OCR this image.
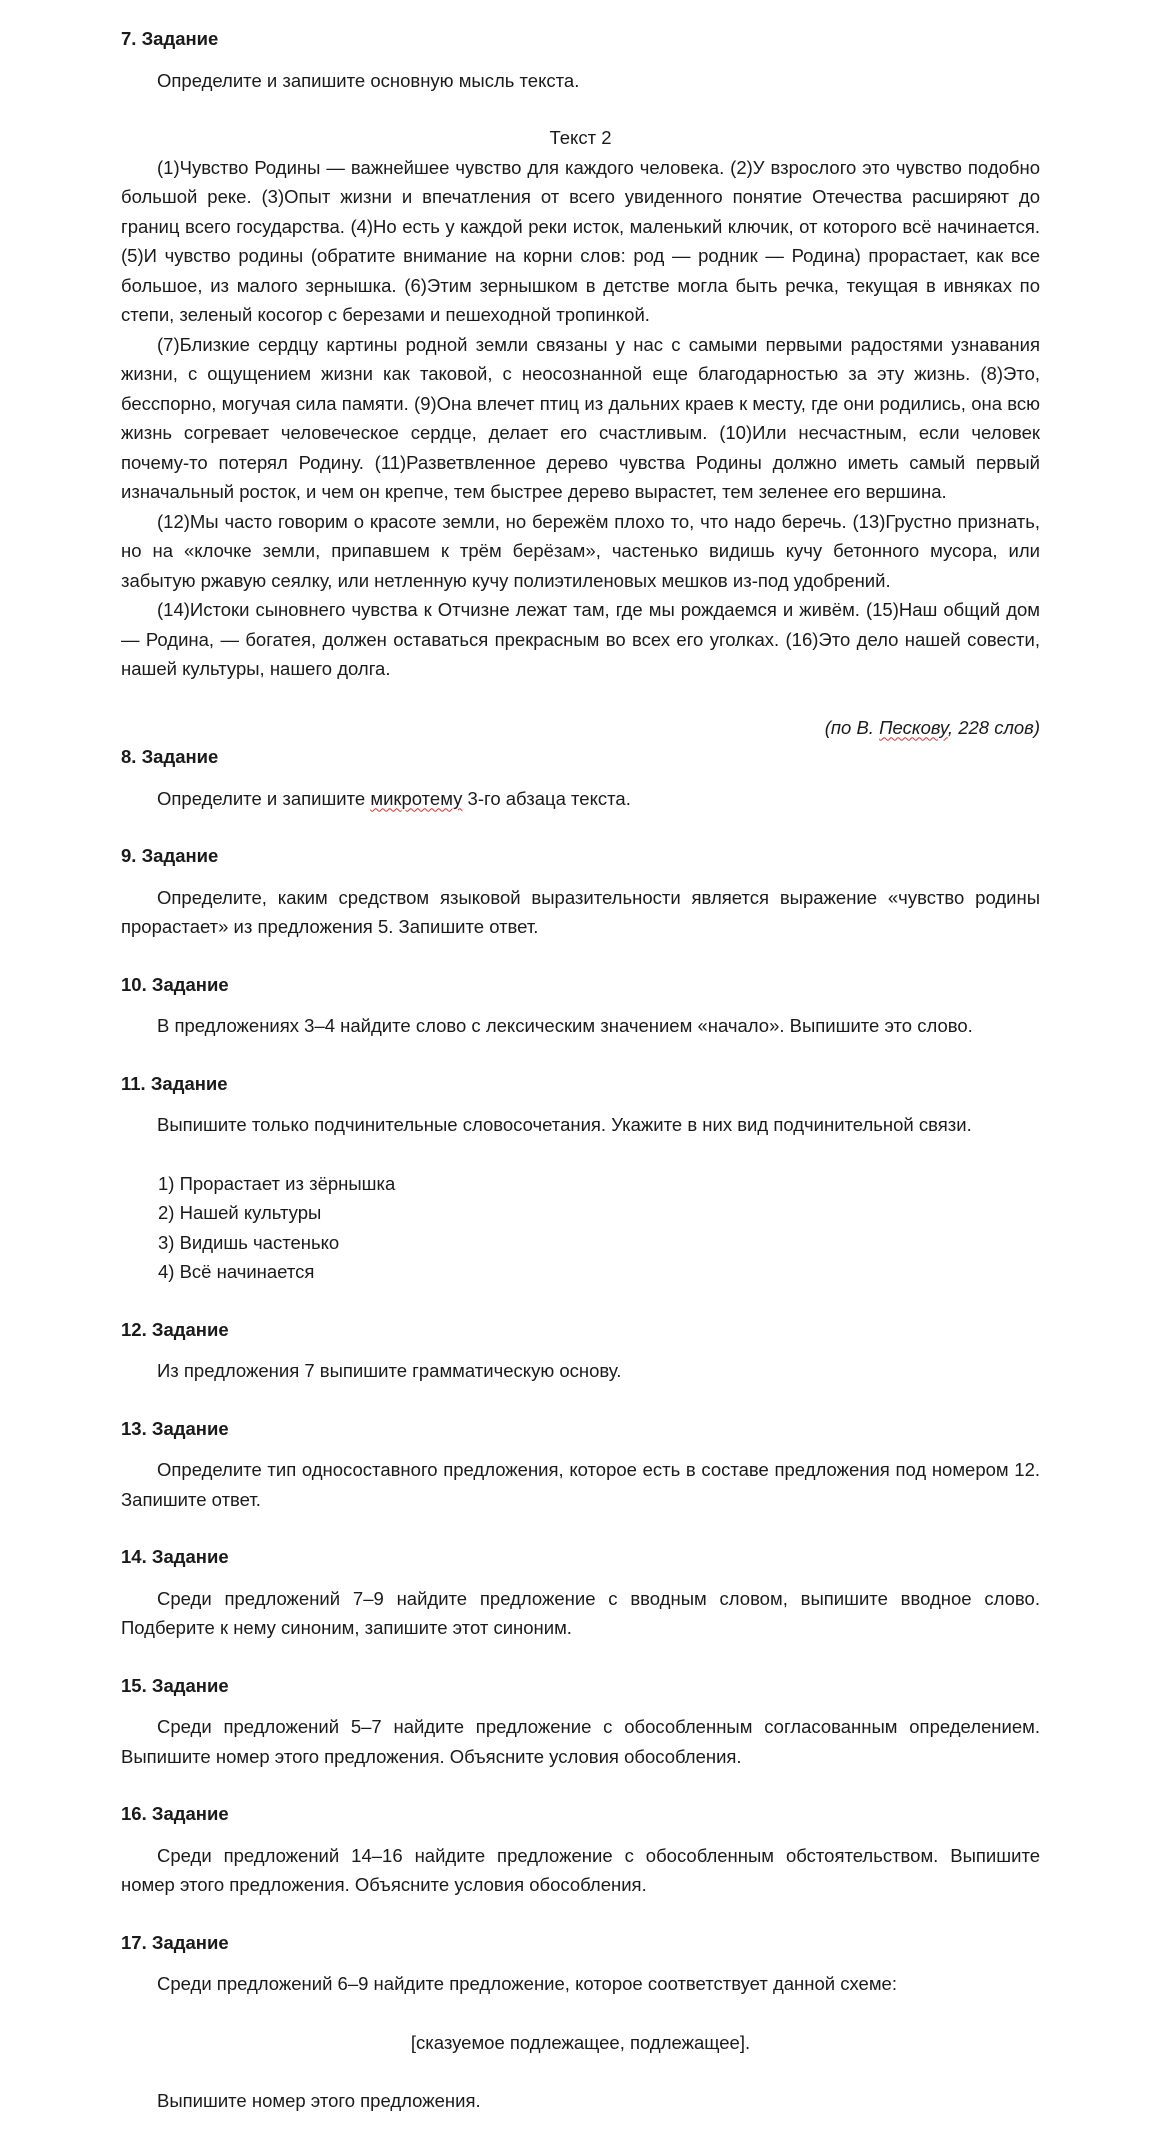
7. Задание

Определите и запишите основную мысль текста.

Текст 2

(1)Чувство Родины — важнейшее чувство для каждого человека. (2)У взрослого это чувство подобно большой реке. (3)Опыт жизни и впечатления от всего увиденного понятие Отечества расширяют до границ всего государства. (4)Но есть у каждой реки исток, маленький ключик, от которого всё начинается. (5)И чувство родины (обратите внимание на корни слов: род — родник — Родина) прорастает, как все большое, из малого зернышка. (6)Этим зернышком в детстве могла быть речка, текущая в ивняках по степи, зеленый косогор с березами и пешеходной тропинкой.

(7)Близкие сердцу картины родной земли связаны у нас с самыми первыми радостями узнавания жизни, с ощущением жизни как таковой, с неосознанной еще благодарностью за эту жизнь. (8)Это, бесспорно, могучая сила памяти. (9)Она влечет птиц из дальних краев к месту, где они родились, она всю жизнь согревает человеческое сердце, делает его счастливым. (10)Или несчастным, если человек почему-то потерял Родину. (11)Разветвленное дерево чувства Родины должно иметь самый первый изначальный росток, и чем он крепче, тем быстрее дерево вырастет, тем зеленее его вершина.

(12)Мы часто говорим о красоте земли, но бережём плохо то, что надо беречь. (13)Грустно признать, но на «клочке земли, припавшем к трём берёзам», частенько видишь кучу бетонного мусора, или забытую ржавую сеялку, или нетленную кучу полиэтиленовых мешков из-под удобрений.

(14)Истоки сыновнего чувства к Отчизне лежат там, где мы рождаемся и живём. (15)Наш общий дом — Родина, — богатея, должен оставаться прекрасным во всех его уголках. (16)Это дело нашей совести, нашей культуры, нашего долга.

(по В. Пескову, 228 слов)

8. Задание

Определите и запишите микротему 3-го абзаца текста.

9. Задание

Определите, каким средством языковой выразительности является выражение «чувство родины прорастает» из предложения 5. Запишите ответ.

10. Задание

В предложениях 3–4 найдите слово с лексическим значением «начало». Выпишите это слово.

11. Задание

Выпишите только подчинительные словосочетания. Укажите в них вид подчинительной связи.

1) Прорастает из зёрнышка

2) Нашей культуры

3) Видишь частенько

4) Всё начинается

12. Задание

Из предложения 7 выпишите грамматическую основу.

13. Задание

Определите тип односоставного предложения, которое есть в составе предложения под номером 12. Запишите ответ.

14. Задание

Среди предложений 7–9 найдите предложение с вводным словом, выпишите вводное слово. Подберите к нему синоним, запишите этот синоним.

15. Задание

Среди предложений 5–7 найдите предложение с обособленным согласованным определением. Выпишите номер этого предложения. Объясните условия обособления.

16. Задание

Среди предложений 14–16 найдите предложение с обособленным обстоятельством. Выпишите номер этого предложения. Объясните условия обособления.

17. Задание

Среди предложений 6–9 найдите предложение, которое соответствует данной схеме:

[сказуемое подлежащее, подлежащее].

Выпишите номер этого предложения.
